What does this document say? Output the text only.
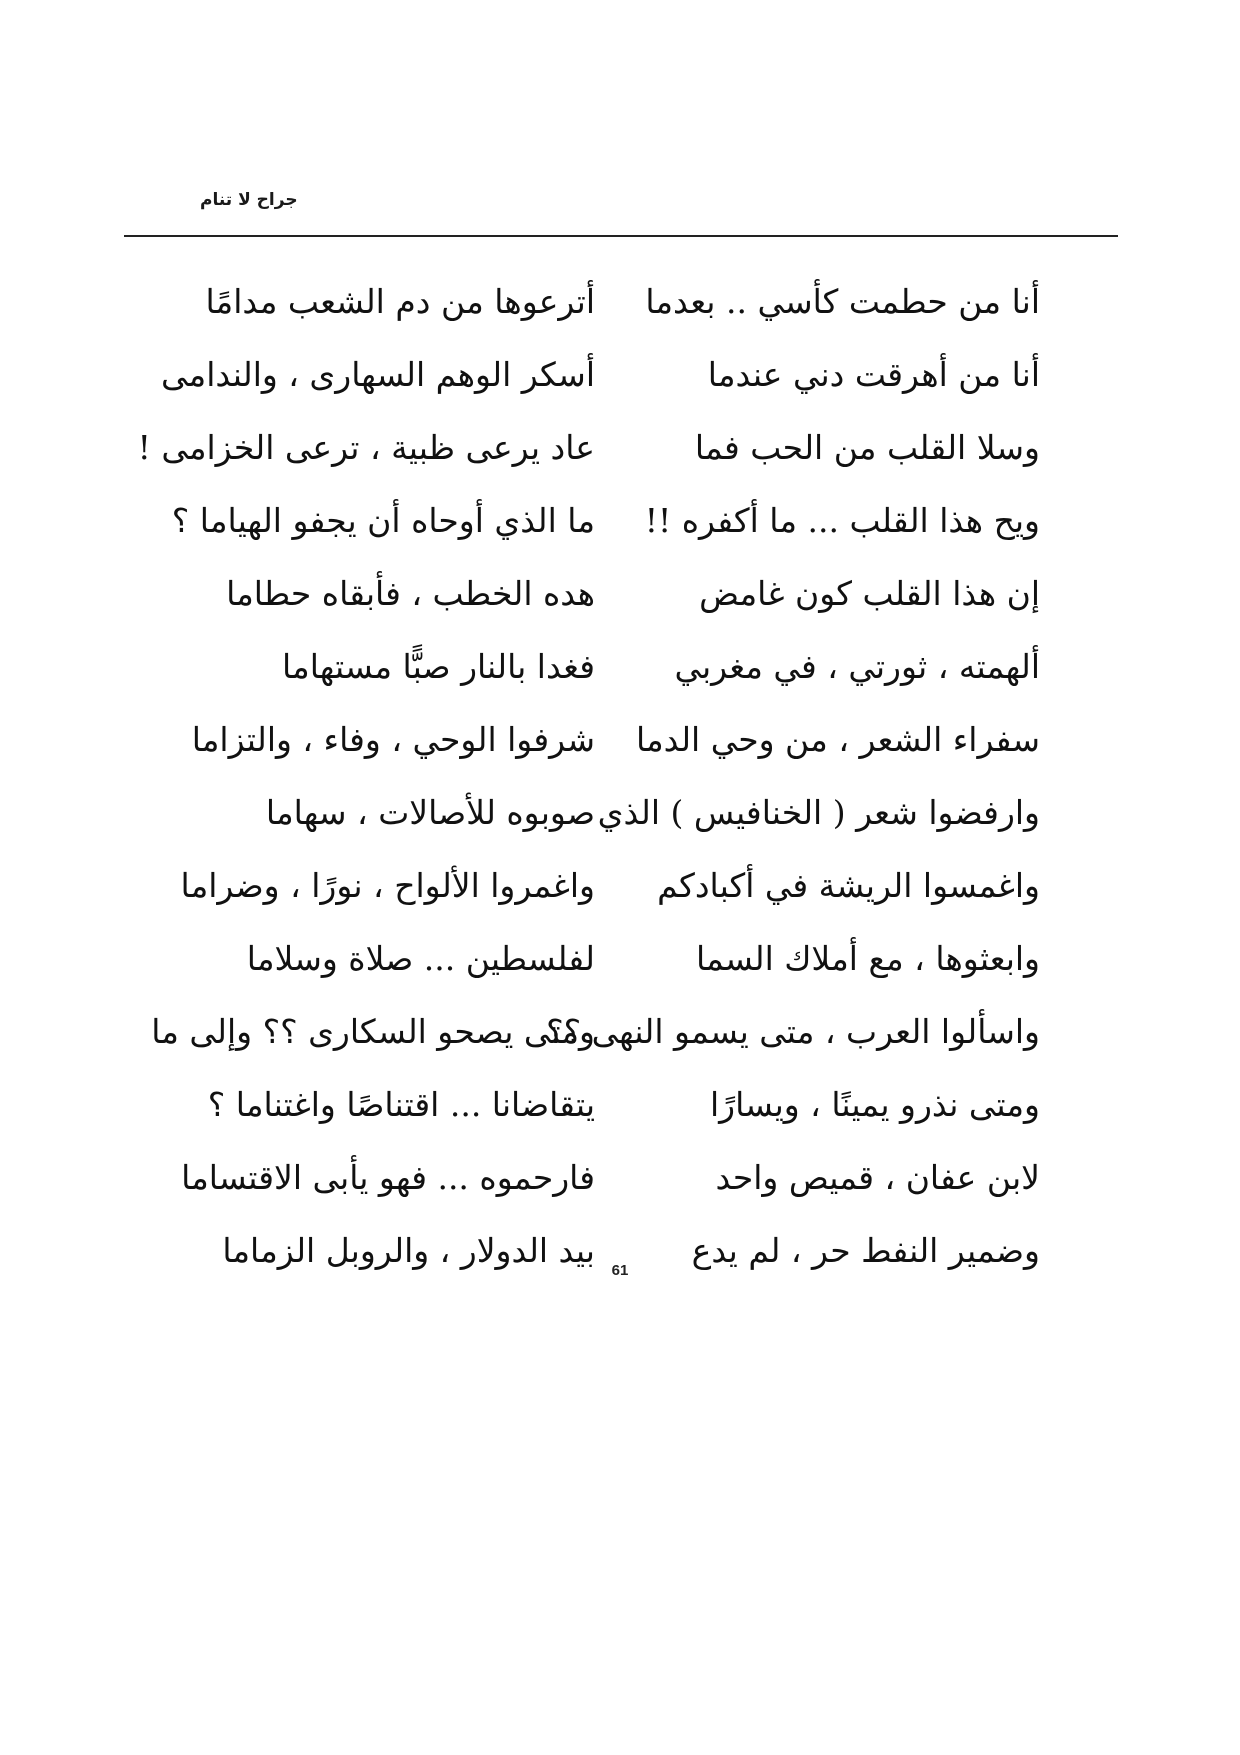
جراح لا تنام
أنا من حطمت كأسي .. بعدما
أترعوها من دم الشعب مدامًا
أنا من أهرقت دني عندما
أسكر الوهم السهارى ، والندامى
وسلا القلب من الحب فما
عاد يرعى ظبية ، ترعى الخزامى !
ويح هذا القلب ... ما أكفره !!
ما الذي أوحاه أن يجفو الهياما ؟
إن هذا القلب كون غامض
هده الخطب ، فأبقاه حطاما
ألهمته ، ثورتي ، في مغربي
فغدا بالنار صبًّا مستهاما
سفراء الشعر ، من وحي الدما
شرفوا الوحي ، وفاء ، والتزاما
وارفضوا شعر ( الخنافيس ) الذي
صوبوه للأصالات ، سهاما
واغمسوا الريشة في أكبادكم
واغمروا الألواح ، نورًا ، وضراما
وابعثوها ، مع أملاك السما
لفلسطين ... صلاة وسلاما
واسألوا العرب ، متى يسمو النهى ؟؟
ومتى يصحو السكارى ؟؟ وإلى ما
ومتى نذرو يمينًا ، ويسارًا
يتقاضانا ... اقتناصًا واغتناما ؟
لابن عفان ، قميص واحد
فارحموه ... فهو يأبى الاقتساما
وضمير النفط حر ، لم يدع
بيد الدولار ، والروبل الزماما
61
